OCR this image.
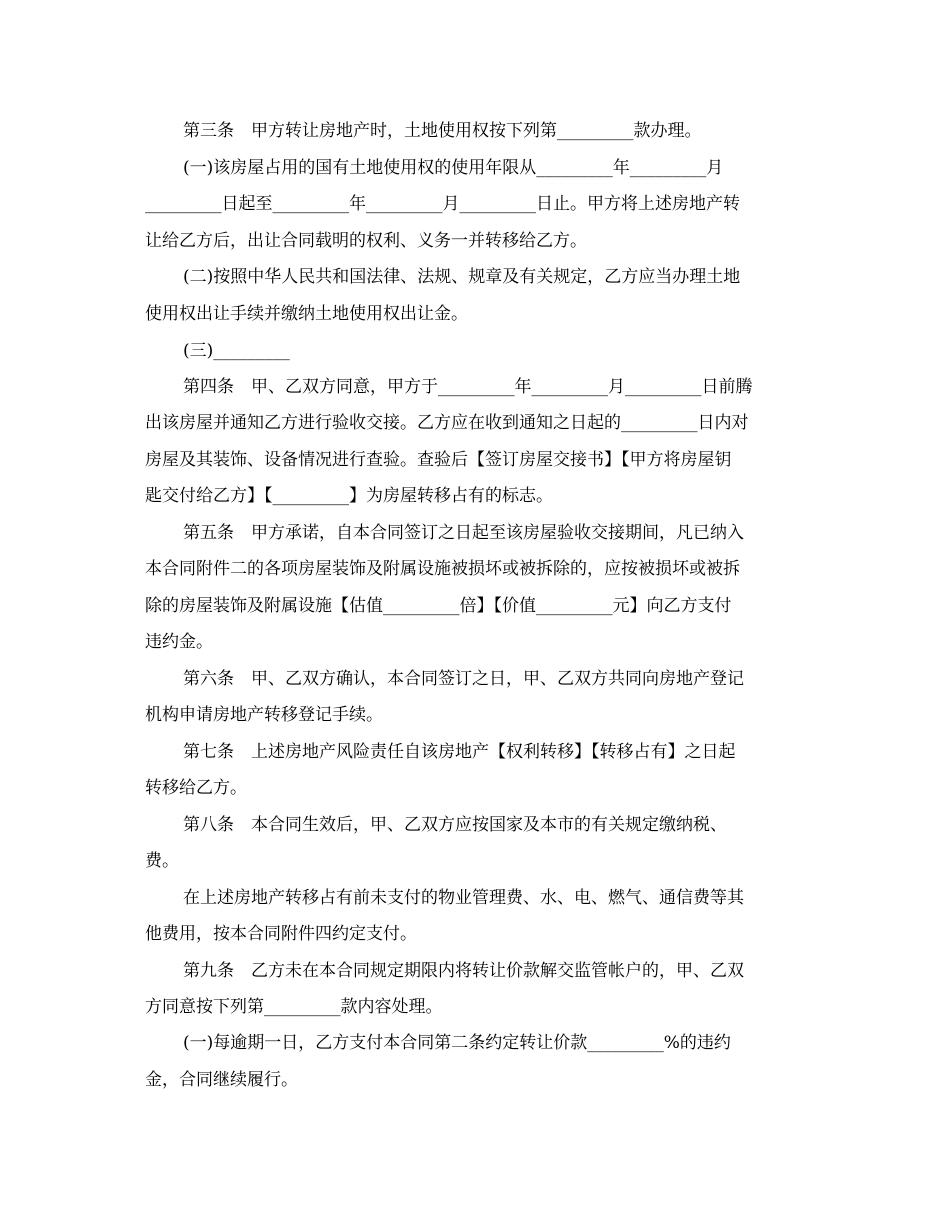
第三条　甲方转让房地产时，土地使用权按下列第_________款办理。

(一)该房屋占用的国有土地使用权的使用年限从_________年_________月

_________日起至_________年_________月_________日止。甲方将上述房地产转

让给乙方后，出让合同载明的权利、义务一并转移给乙方。

(二)按照中华人民共和国法律、法规、规章及有关规定，乙方应当办理土地

使用权出让手续并缴纳土地使用权出让金。

(三)_________

第四条　甲、乙双方同意，甲方于_________年_________月_________日前腾

出该房屋并通知乙方进行验收交接。乙方应在收到通知之日起的_________日内对

房屋及其装饰、设备情况进行查验。查验后【签订房屋交接书】【甲方将房屋钥

匙交付给乙方】【_________】为房屋转移占有的标志。

第五条　甲方承诺，自本合同签订之日起至该房屋验收交接期间，凡已纳入

本合同附件二的各项房屋装饰及附属设施被损坏或被拆除的，应按被损坏或被拆

除的房屋装饰及附属设施【估值_________倍】【价值_________元】向乙方支付

违约金。

第六条　甲、乙双方确认，本合同签订之日，甲、乙双方共同向房地产登记

机构申请房地产转移登记手续。

第七条　上述房地产风险责任自该房地产【权利转移】【转移占有】之日起

转移给乙方。

第八条　本合同生效后，甲、乙双方应按国家及本市的有关规定缴纳税、

费。

在上述房地产转移占有前未支付的物业管理费、水、电、燃气、通信费等其

他费用，按本合同附件四约定支付。

第九条　乙方未在本合同规定期限内将转让价款解交监管帐户的，甲、乙双

方同意按下列第_________款内容处理。

(一)每逾期一日，乙方支付本合同第二条约定转让价款_________%的违约

金，合同继续履行。
